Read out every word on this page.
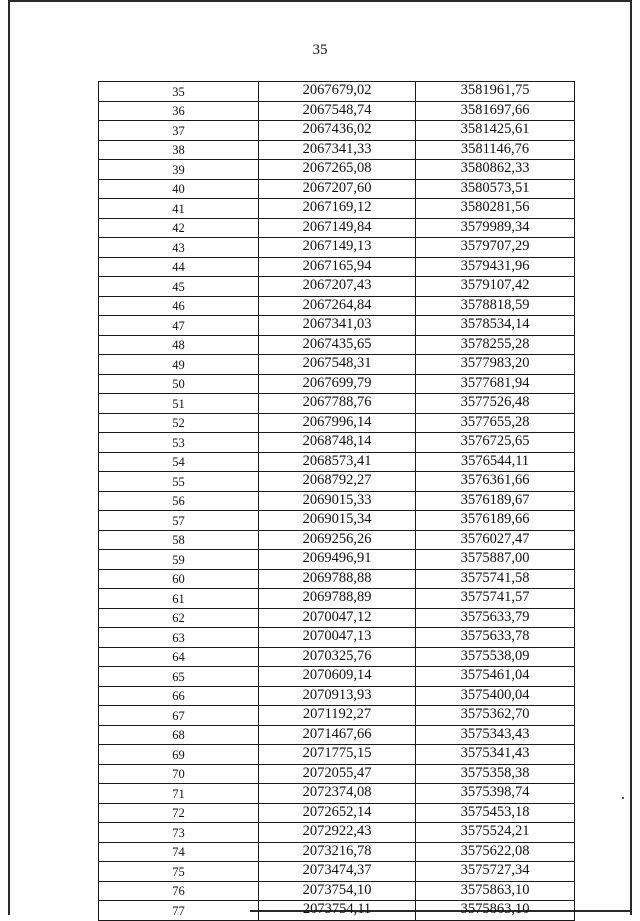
35
35	2067679,02	3581961,75
36	2067548,74	3581697,66
37	2067436,02	3581425,61
38	2067341,33	3581146,76
39	2067265,08	3580862,33
40	2067207,60	3580573,51
41	2067169,12	3580281,56
42	2067149,84	3579989,34
43	2067149,13	3579707,29
44	2067165,94	3579431,96
45	2067207,43	3579107,42
46	2067264,84	3578818,59
47	2067341,03	3578534,14
48	2067435,65	3578255,28
49	2067548,31	3577983,20
50	2067699,79	3577681,94
51	2067788,76	3577526,48
52	2067996,14	3577655,28
53	2068748,14	3576725,65
54	2068573,41	3576544,11
55	2068792,27	3576361,66
56	2069015,33	3576189,67
57	2069015,34	3576189,66
58	2069256,26	3576027,47
59	2069496,91	3575887,00
60	2069788,88	3575741,58
61	2069788,89	3575741,57
62	2070047,12	3575633,79
63	2070047,13	3575633,78
64	2070325,76	3575538,09
65	2070609,14	3575461,04
66	2070913,93	3575400,04
67	2071192,27	3575362,70
68	2071467,66	3575343,43
69	2071775,15	3575341,43
70	2072055,47	3575358,38
71	2072374,08	3575398,74
72	2072652,14	3575453,18
73	2072922,43	3575524,21
74	2073216,78	3575622,08
75	2073474,37	3575727,34
76	2073754,10	3575863,10
77	2073754,11	3575863,10
